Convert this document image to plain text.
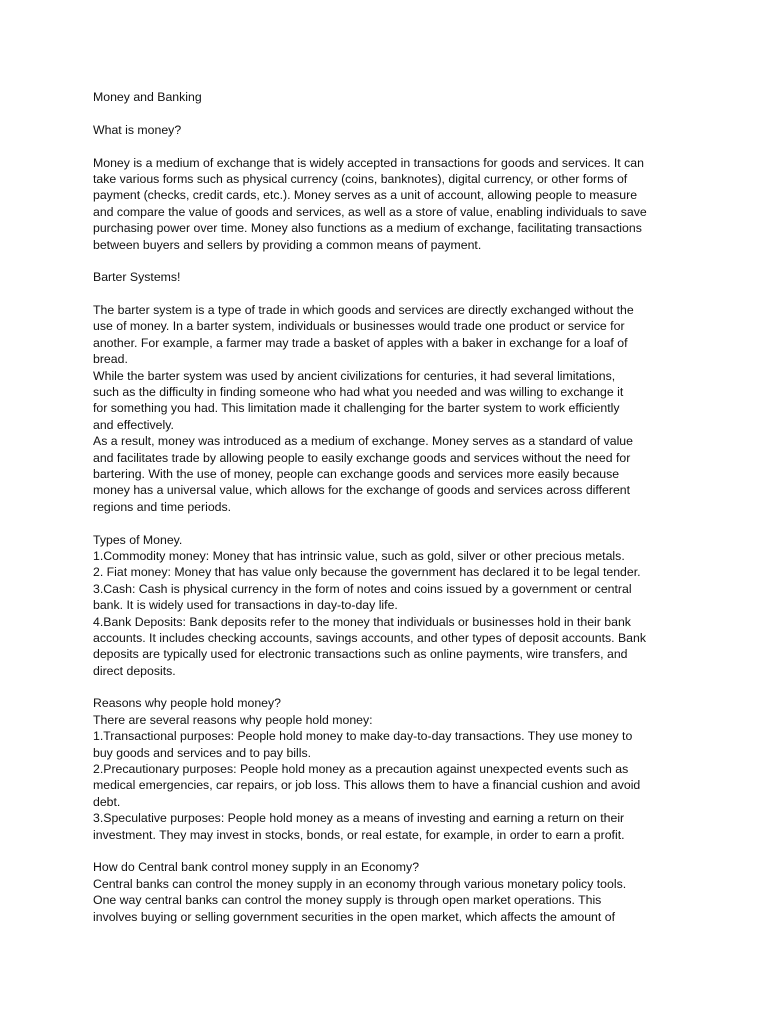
Money and Banking
What is money?
Money is a medium of exchange that is widely accepted in transactions for goods and services. It can
take various forms such as physical currency (coins, banknotes), digital currency, or other forms of
payment (checks, credit cards, etc.). Money serves as a unit of account, allowing people to measure
and compare the value of goods and services, as well as a store of value, enabling individuals to save
purchasing power over time. Money also functions as a medium of exchange, facilitating transactions
between buyers and sellers by providing a common means of payment.
Barter Systems!
The barter system is a type of trade in which goods and services are directly exchanged without the
use of money. In a barter system, individuals or businesses would trade one product or service for
another. For example, a farmer may trade a basket of apples with a baker in exchange for a loaf of
bread.
While the barter system was used by ancient civilizations for centuries, it had several limitations,
such as the difficulty in finding someone who had what you needed and was willing to exchange it
for something you had. This limitation made it challenging for the barter system to work efficiently
and effectively.
As a result, money was introduced as a medium of exchange. Money serves as a standard of value
and facilitates trade by allowing people to easily exchange goods and services without the need for
bartering. With the use of money, people can exchange goods and services more easily because
money has a universal value, which allows for the exchange of goods and services across different
regions and time periods.
Types of Money.
1.Commodity money: Money that has intrinsic value, such as gold, silver or other precious metals.
2. Fiat money: Money that has value only because the government has declared it to be legal tender.
3.Cash: Cash is physical currency in the form of notes and coins issued by a government or central
bank. It is widely used for transactions in day-to-day life.
4.Bank Deposits: Bank deposits refer to the money that individuals or businesses hold in their bank
accounts. It includes checking accounts, savings accounts, and other types of deposit accounts. Bank
deposits are typically used for electronic transactions such as online payments, wire transfers, and
direct deposits.
Reasons why people hold money?
There are several reasons why people hold money:
1.Transactional purposes: People hold money to make day-to-day transactions. They use money to
buy goods and services and to pay bills.
2.Precautionary purposes: People hold money as a precaution against unexpected events such as
medical emergencies, car repairs, or job loss. This allows them to have a financial cushion and avoid
debt.
3.Speculative purposes: People hold money as a means of investing and earning a return on their
investment. They may invest in stocks, bonds, or real estate, for example, in order to earn a profit.
How do Central bank control money supply in an Economy?
Central banks can control the money supply in an economy through various monetary policy tools.
One way central banks can control the money supply is through open market operations. This
involves buying or selling government securities in the open market, which affects the amount of
